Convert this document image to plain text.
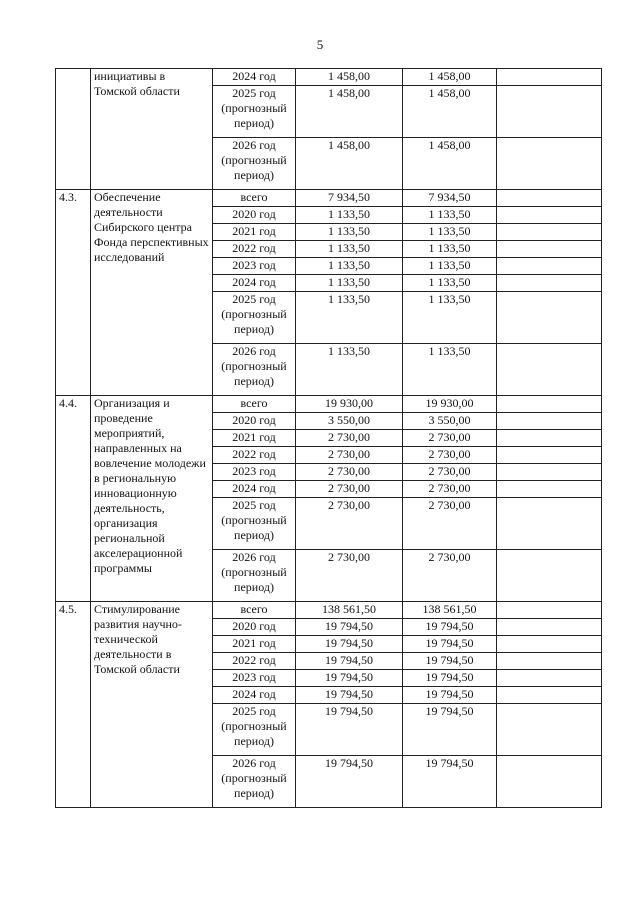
5
	инициативы в Томской области	2024 год	1 458,00	1 458,00	
		2025 год (прогнозный период)	1 458,00	1 458,00	
		2026 год (прогнозный период)	1 458,00	1 458,00	
4.3.	Обеспечение деятельности Сибирского центра Фонда перспективных исследований	всего	7 934,50	7 934,50	
		2020 год	1 133,50	1 133,50	
		2021 год	1 133,50	1 133,50	
		2022 год	1 133,50	1 133,50	
		2023 год	1 133,50	1 133,50	
		2024 год	1 133,50	1 133,50	
		2025 год (прогнозный период)	1 133,50	1 133,50	
		2026 год (прогнозный период)	1 133,50	1 133,50	
4.4.	Организация и проведение мероприятий, направленных на вовлечение молодежи в региональную инновационную деятельность, организация региональной акселерационной программы	всего	19 930,00	19 930,00	
		2020 год	3 550,00	3 550,00	
		2021 год	2 730,00	2 730,00	
		2022 год	2 730,00	2 730,00	
		2023 год	2 730,00	2 730,00	
		2024 год	2 730,00	2 730,00	
		2025 год (прогнозный период)	2 730,00	2 730,00	
		2026 год (прогнозный период)	2 730,00	2 730,00	
4.5.	Стимулирование развития научно-технической деятельности в Томской области	всего	138 561,50	138 561,50	
		2020 год	19 794,50	19 794,50	
		2021 год	19 794,50	19 794,50	
		2022 год	19 794,50	19 794,50	
		2023 год	19 794,50	19 794,50	
		2024 год	19 794,50	19 794,50	
		2025 год (прогнозный период)	19 794,50	19 794,50	
		2026 год (прогнозный период)	19 794,50	19 794,50	
